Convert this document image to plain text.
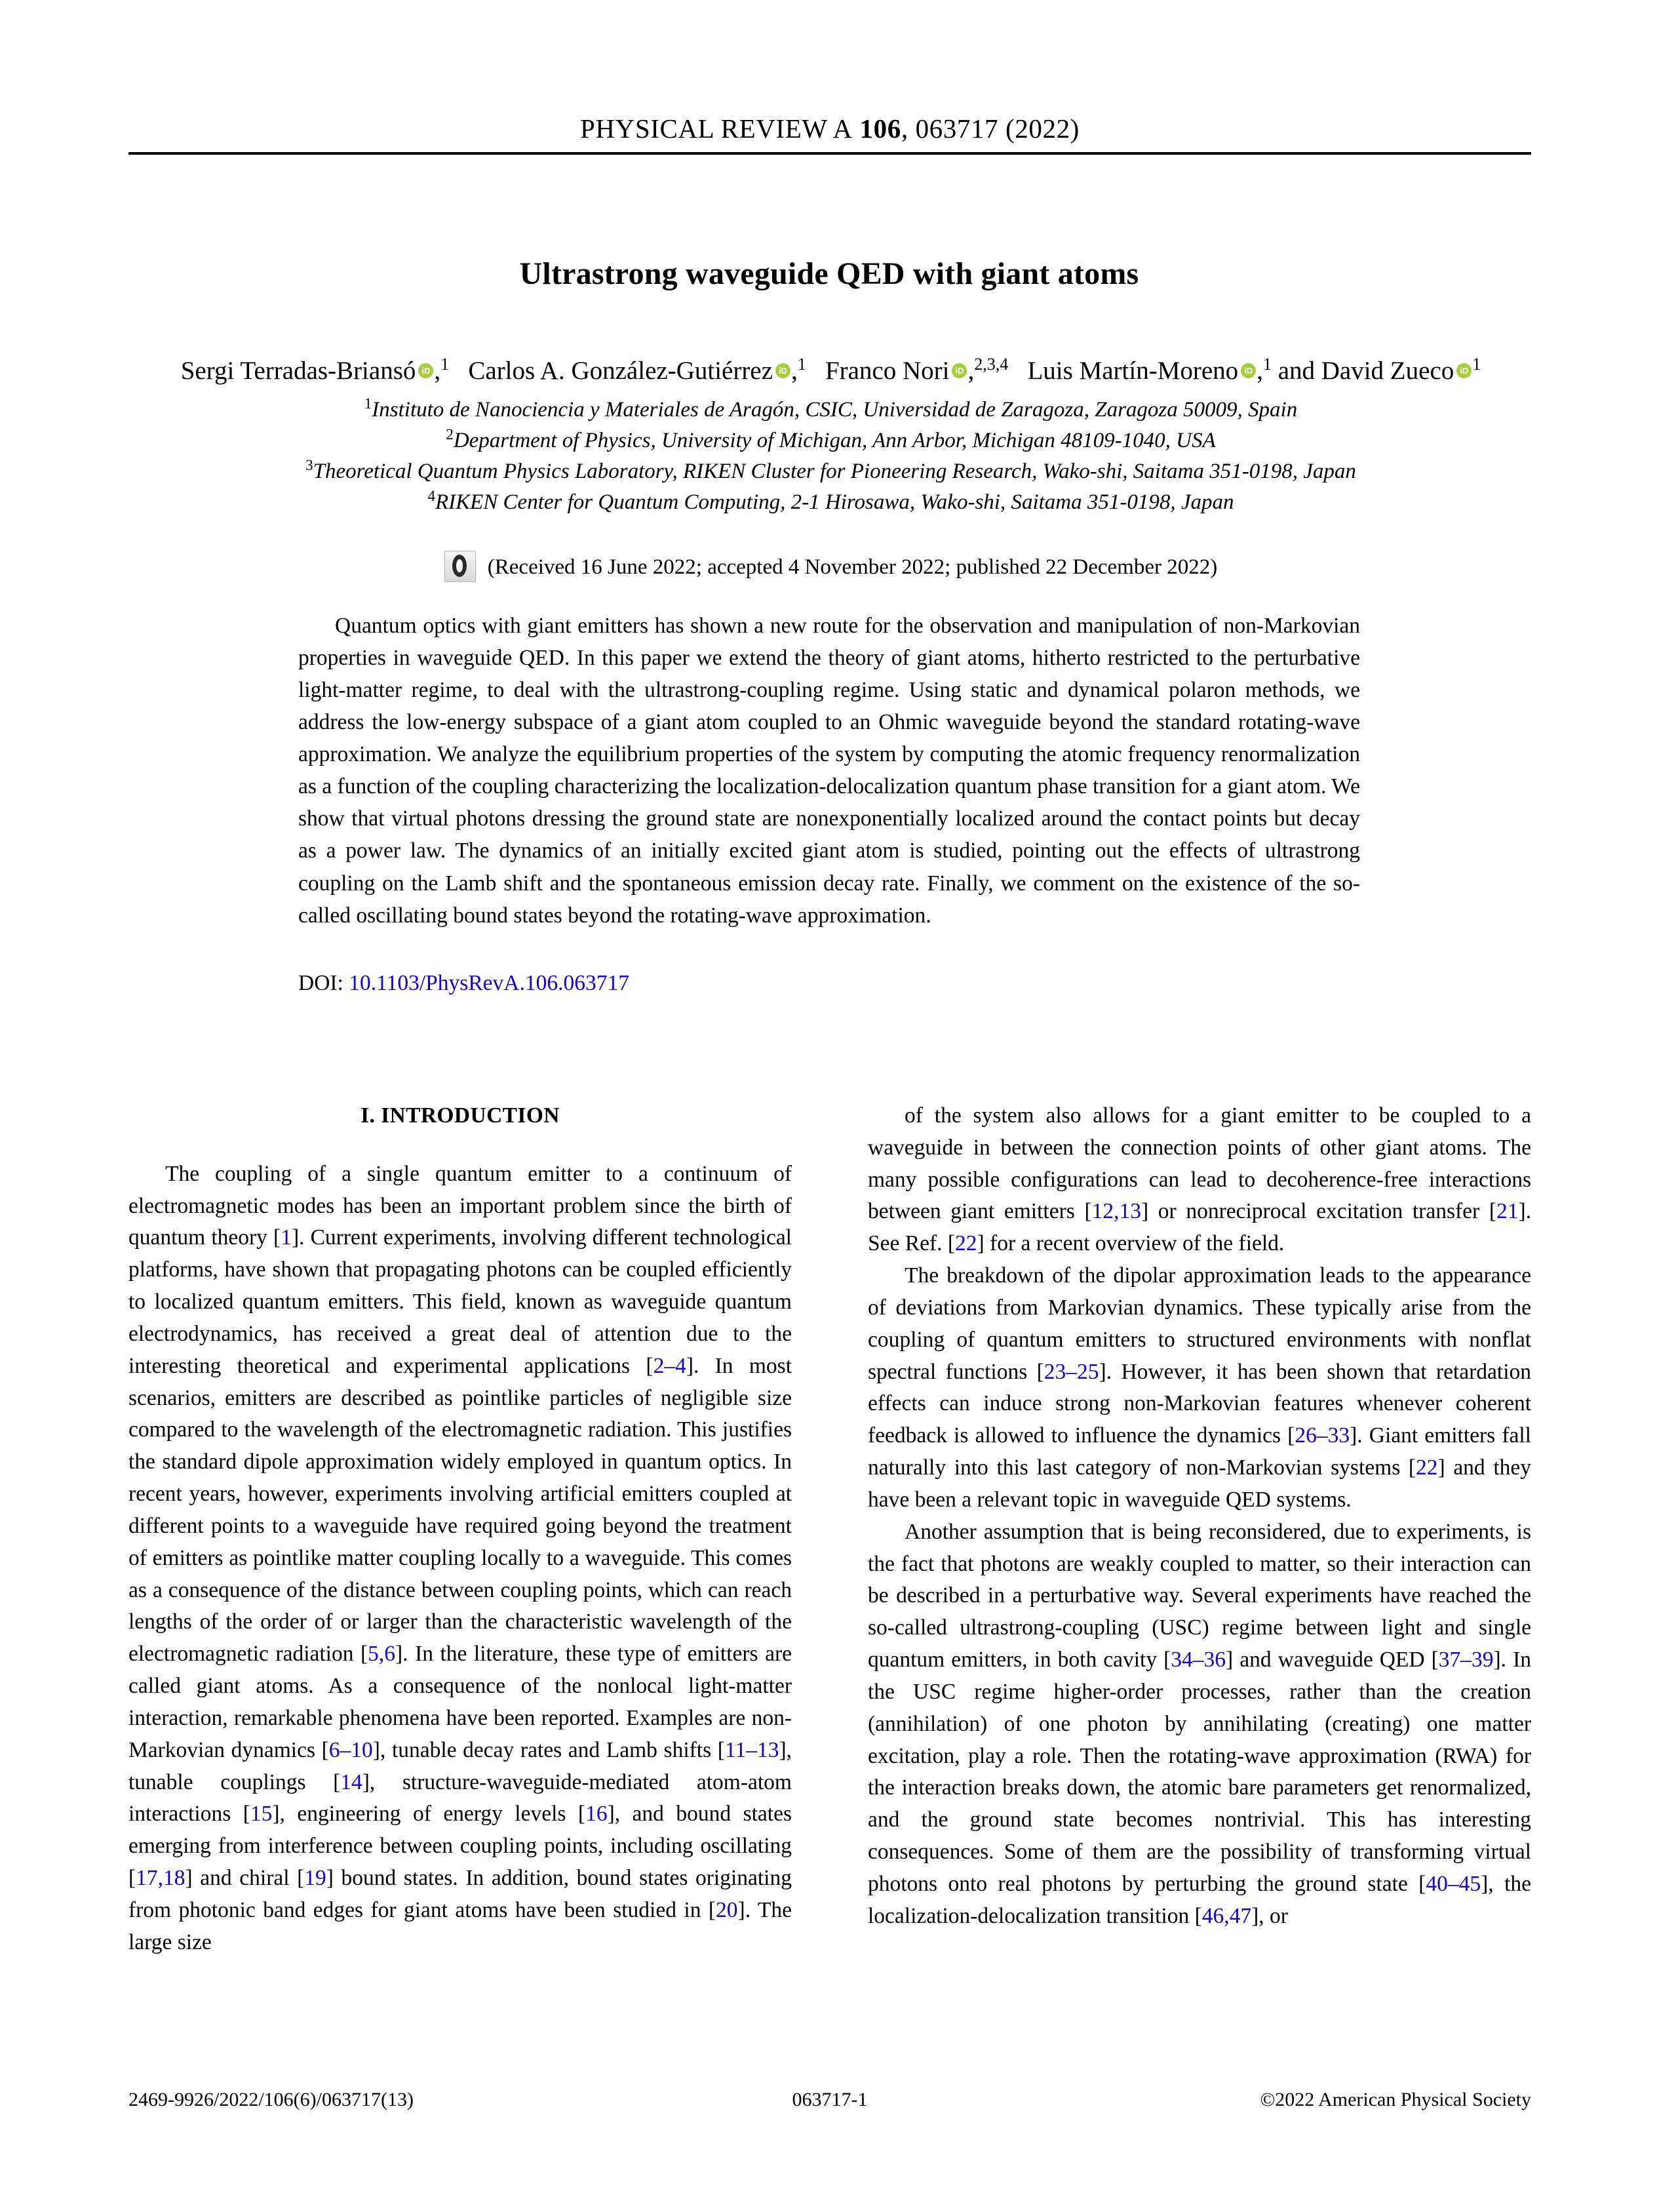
PHYSICAL REVIEW A 106, 063717 (2022)
Ultrastrong waveguide QED with giant atoms
Sergi Terradas-Briansó iD ,$^1$ Carlos A. González-Gutiérrez iD ,$^1$ Franco Nori iD ,$^{2,3,4}$ Luis Martín-Moreno iD ,$^1$ and David Zueco iD $^1$
$^1$Instituto de Nanociencia y Materiales de Aragón, CSIC, Universidad de Zaragoza, Zaragoza 50009, Spain
$^2$Department of Physics, University of Michigan, Ann Arbor, Michigan 48109-1040, USA
$^3$Theoretical Quantum Physics Laboratory, RIKEN Cluster for Pioneering Research, Wako-shi, Saitama 351-0198, Japan
$^4$RIKEN Center for Quantum Computing, 2-1 Hirosawa, Wako-shi, Saitama 351-0198, Japan
(Received 16 June 2022; accepted 4 November 2022; published 22 December 2022)
Quantum optics with giant emitters has shown a new route for the observation and manipulation of non-Markovian properties in waveguide QED. In this paper we extend the theory of giant atoms, hitherto restricted to the perturbative light-matter regime, to deal with the ultrastrong-coupling regime. Using static and dynamical polaron methods, we address the low-energy subspace of a giant atom coupled to an Ohmic waveguide beyond the standard rotating-wave approximation. We analyze the equilibrium properties of the system by computing the atomic frequency renormalization as a function of the coupling characterizing the localization-delocalization quantum phase transition for a giant atom. We show that virtual photons dressing the ground state are nonexponentially localized around the contact points but decay as a power law. The dynamics of an initially excited giant atom is studied, pointing out the effects of ultrastrong coupling on the Lamb shift and the spontaneous emission decay rate. Finally, we comment on the existence of the so-called oscillating bound states beyond the rotating-wave approximation.
DOI: 10.1103/PhysRevA.106.063717
I. INTRODUCTION

The coupling of a single quantum emitter to a continuum of electromagnetic modes has been an important problem since the birth of quantum theory [1]. Current experiments, involving different technological platforms, have shown that propagating photons can be coupled efficiently to localized quantum emitters. This field, known as waveguide quantum electrodynamics, has received a great deal of attention due to the interesting theoretical and experimental applications [2–4]. In most scenarios, emitters are described as pointlike particles of negligible size compared to the wavelength of the electromagnetic radiation. This justifies the standard dipole approximation widely employed in quantum optics. In recent years, however, experiments involving artificial emitters coupled at different points to a waveguide have required going beyond the treatment of emitters as pointlike matter coupling locally to a waveguide. This comes as a consequence of the distance between coupling points, which can reach lengths of the order of or larger than the characteristic wavelength of the electromagnetic radiation [5,6]. In the literature, these type of emitters are called giant atoms. As a consequence of the nonlocal light-matter interaction, remarkable phenomena have been reported. Examples are non-Markovian dynamics [6–10], tunable decay rates and Lamb shifts [11–13], tunable couplings [14], structure-waveguide-mediated atom-atom interactions [15], engineering of energy levels [16], and bound states emerging from interference between coupling points, including oscillating [17,18] and chiral [19] bound states. In addition, bound states originating from photonic band edges for giant atoms have been studied in [20]. The large size

of the system also allows for a giant emitter to be coupled to a waveguide in between the connection points of other giant atoms. The many possible configurations can lead to decoherence-free interactions between giant emitters [12,13] or nonreciprocal excitation transfer [21]. See Ref. [22] for a recent overview of the field.

The breakdown of the dipolar approximation leads to the appearance of deviations from Markovian dynamics. These typically arise from the coupling of quantum emitters to structured environments with nonflat spectral functions [23–25]. However, it has been shown that retardation effects can induce strong non-Markovian features whenever coherent feedback is allowed to influence the dynamics [26–33]. Giant emitters fall naturally into this last category of non-Markovian systems [22] and they have been a relevant topic in waveguide QED systems.

Another assumption that is being reconsidered, due to experiments, is the fact that photons are weakly coupled to matter, so their interaction can be described in a perturbative way. Several experiments have reached the so-called ultrastrong-coupling (USC) regime between light and single quantum emitters, in both cavity [34–36] and waveguide QED [37–39]. In the USC regime higher-order processes, rather than the creation (annihilation) of one photon by annihilating (creating) one matter excitation, play a role. Then the rotating-wave approximation (RWA) for the interaction breaks down, the atomic bare parameters get renormalized, and the ground state becomes nontrivial. This has interesting consequences. Some of them are the possibility of transforming virtual photons onto real photons by perturbing the ground state [40–45], the localization-delocalization transition [46,47], or

2469-9926/2022/106(6)/063717(13)	063717-1	©2022 American Physical Society
